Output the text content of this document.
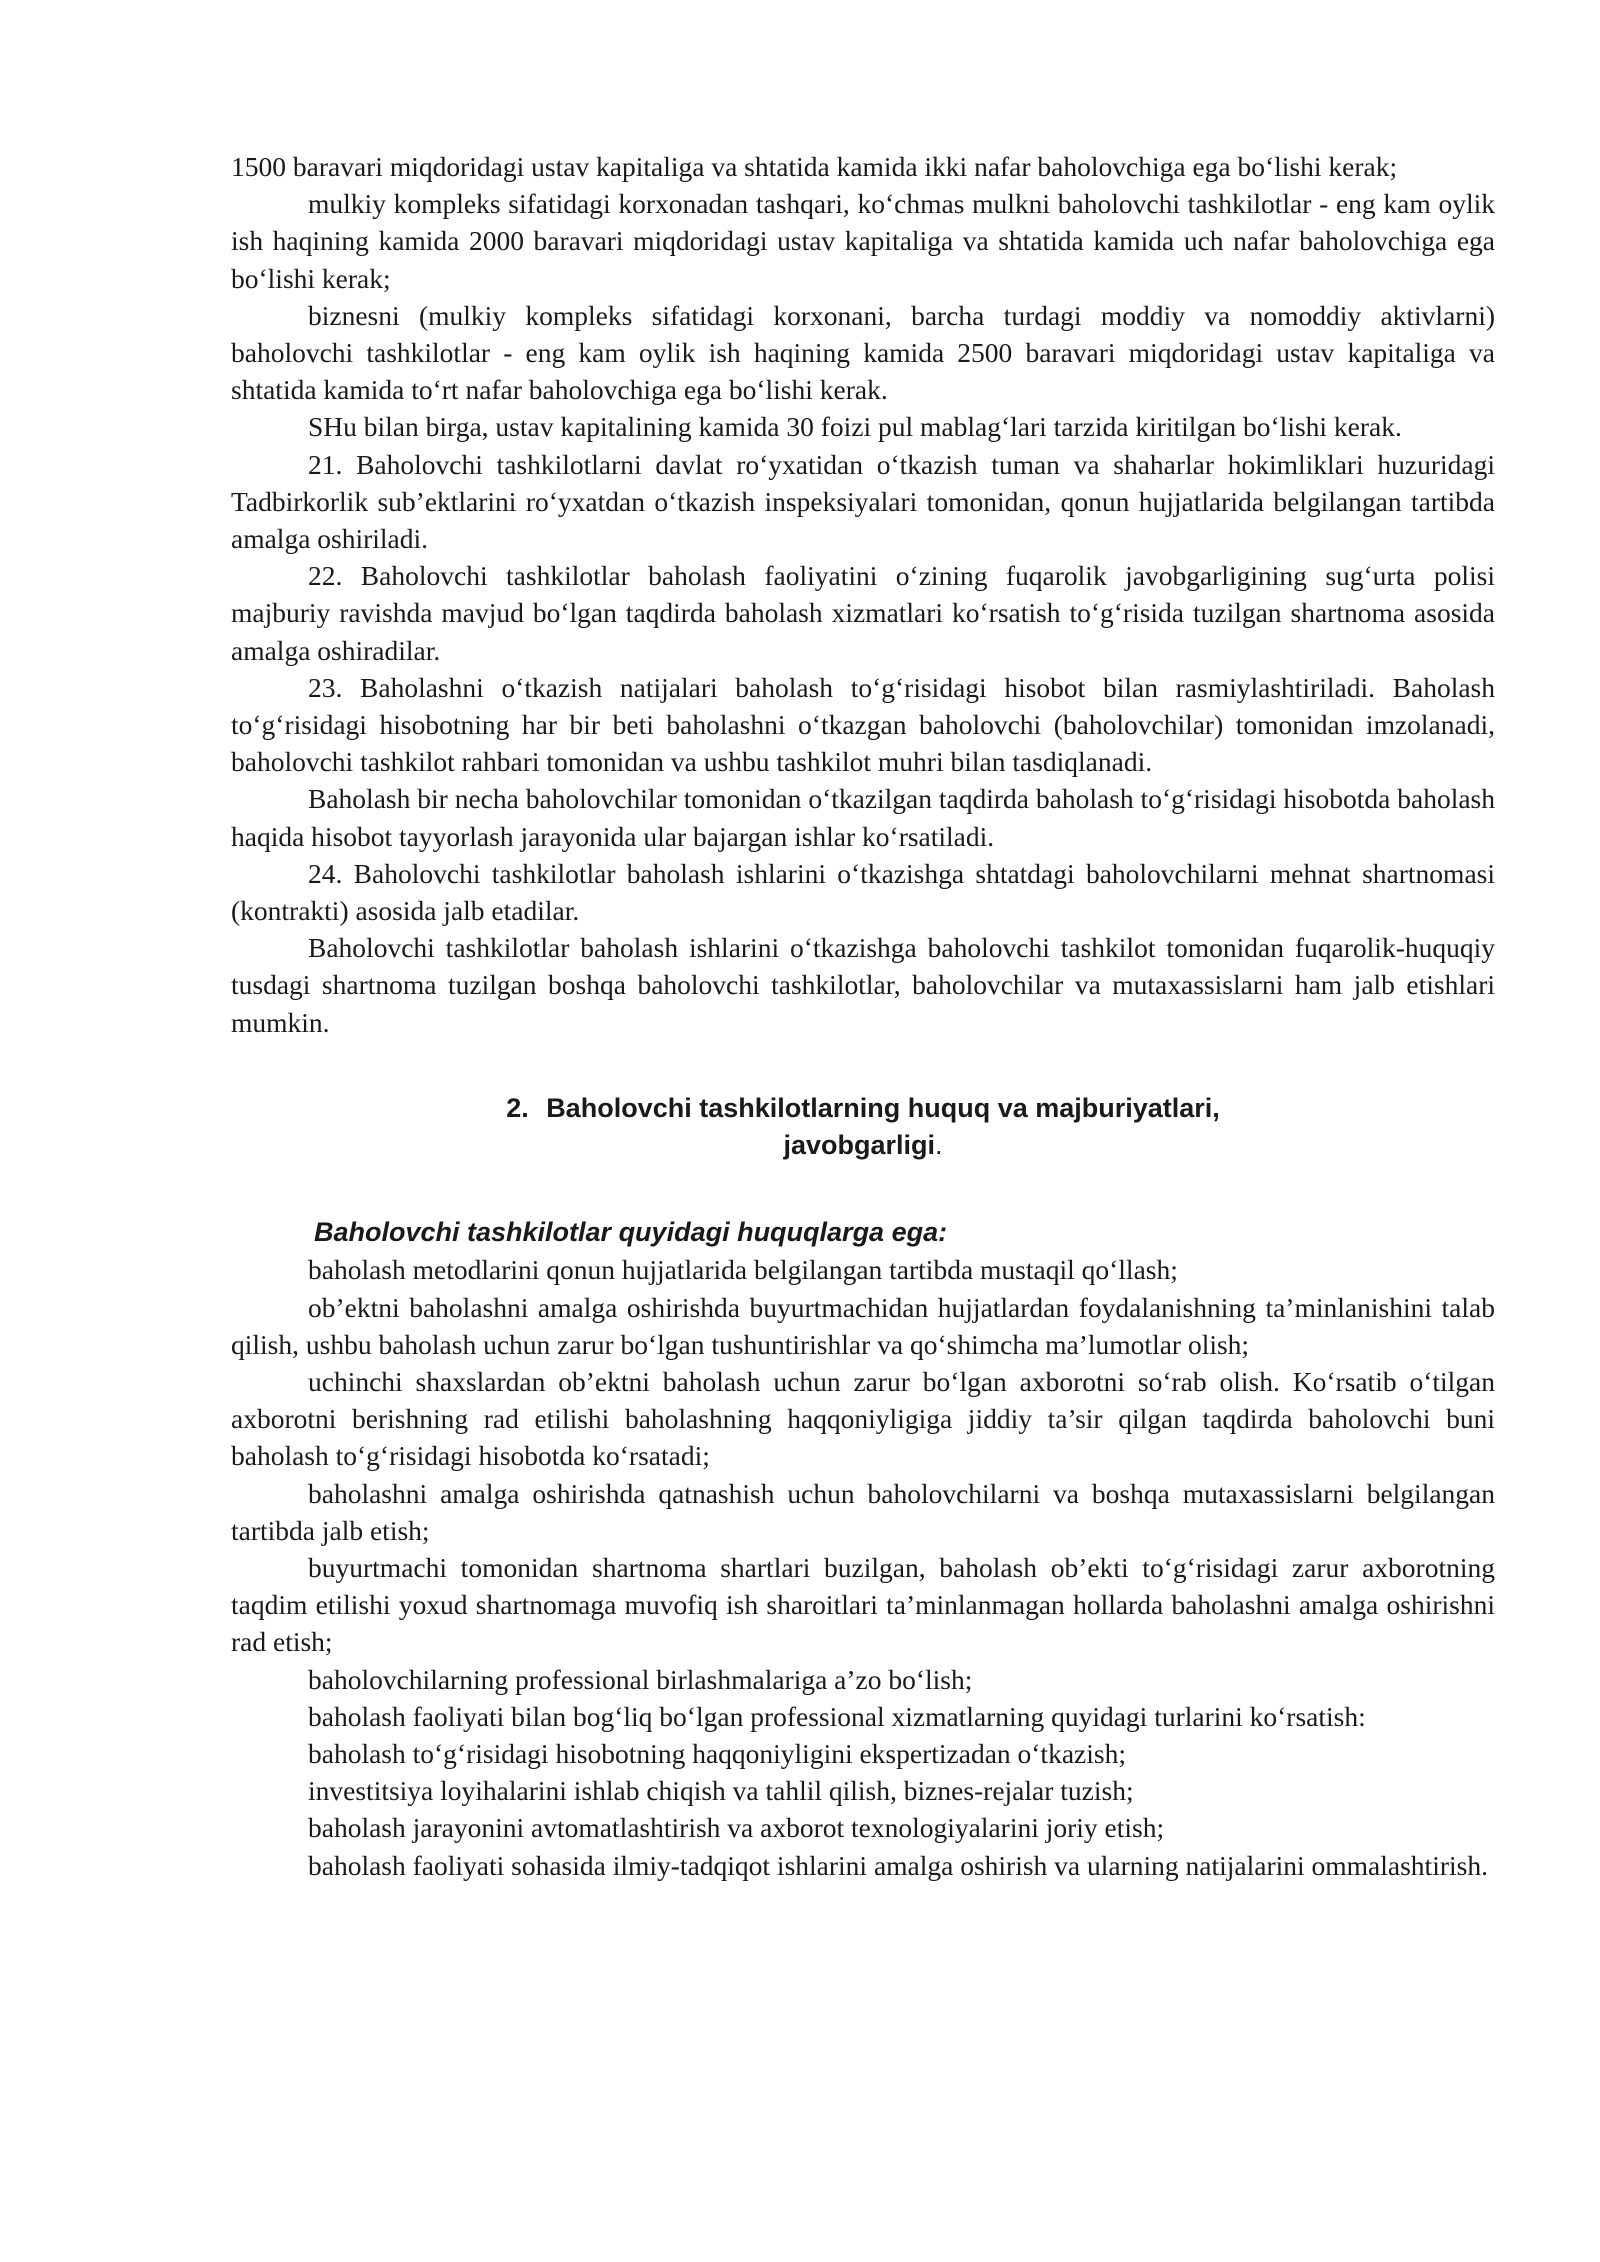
1500 baravari miqdoridagi ustav kapitaliga va shtatida kamida ikki nafar baholovchiga ega bo‘lishi kerak;

mulkiy kompleks sifatidagi korxonadan tashqari, ko‘chmas mulkni baholovchi tashkilotlar - eng kam oylik ish haqining kamida 2000 baravari miqdoridagi ustav kapitaliga va shtatida kamida uch nafar baholovchiga ega bo‘lishi kerak;

biznesni (mulkiy kompleks sifatidagi korxonani, barcha turdagi moddiy va nomoddiy aktivlarni) baholovchi tashkilotlar - eng kam oylik ish haqining kamida 2500 baravari miqdoridagi ustav kapitaliga va shtatida kamida to‘rt nafar baholovchiga ega bo‘lishi kerak.

SHu bilan birga, ustav kapitalining kamida 30 foizi pul mablag‘lari tarzida kiritilgan bo‘lishi kerak.

21. Baholovchi tashkilotlarni davlat ro‘yxatidan o‘tkazish tuman va shaharlar hokimliklari huzuridagi Tadbirkorlik sub’ektlarini ro‘yxatdan o‘tkazish inspeksiyalari tomonidan, qonun hujjatlarida belgilangan tartibda amalga oshiriladi.

22. Baholovchi tashkilotlar baholash faoliyatini o‘zining fuqarolik javobgarligining sug‘urta polisi majburiy ravishda mavjud bo‘lgan taqdirda baholash xizmatlari ko‘rsatish to‘g‘risida tuzilgan shartnoma asosida amalga oshiradilar.

23. Baholashni o‘tkazish natijalari baholash to‘g‘risidagi hisobot bilan rasmiylashtiriladi. Baholash to‘g‘risidagi hisobotning har bir beti baholashni o‘tkazgan baholovchi (baholovchilar) tomonidan imzolanadi, baholovchi tashkilot rahbari tomonidan va ushbu tashkilot muhri bilan tasdiqlanadi.

Baholash bir necha baholovchilar tomonidan o‘tkazilgan taqdirda baholash to‘g‘risidagi hisobotda baholash haqida hisobot tayyorlash jarayonida ular bajargan ishlar ko‘rsatiladi.

24. Baholovchi tashkilotlar baholash ishlarini o‘tkazishga shtatdagi baholovchilarni mehnat shartnomasi (kontrakti) asosida jalb etadilar.

Baholovchi tashkilotlar baholash ishlarini o‘tkazishga baholovchi tashkilot tomonidan fuqarolik-huquqiy tusdagi shartnoma tuzilgan boshqa baholovchi tashkilotlar, baholovchilar va mutaxassislarni ham jalb etishlari mumkin.

2. Baholovchi tashkilotlarning huquq va majburiyatlari,
javobgarligi.
Baholovchi tashkilotlar quyidagi huquqlarga ega:

baholash metodlarini qonun hujjatlarida belgilangan tartibda mustaqil qo‘llash;

ob’ektni baholashni amalga oshirishda buyurtmachidan hujjatlardan foydalanishning ta’minlanishini talab qilish, ushbu baholash uchun zarur bo‘lgan tushuntirishlar va qo‘shimcha ma’lumotlar olish;

uchinchi shaxslardan ob’ektni baholash uchun zarur bo‘lgan axborotni so‘rab olish. Ko‘rsatib o‘tilgan axborotni berishning rad etilishi baholashning haqqoniyligiga jiddiy ta’sir qilgan taqdirda baholovchi buni baholash to‘g‘risidagi hisobotda ko‘rsatadi;

baholashni amalga oshirishda qatnashish uchun baholovchilarni va boshqa mutaxassislarni belgilangan tartibda jalb etish;

buyurtmachi tomonidan shartnoma shartlari buzilgan, baholash ob’ekti to‘g‘risidagi zarur axborotning taqdim etilishi yoxud shartnomaga muvofiq ish sharoitlari ta’minlanmagan hollarda baholashni amalga oshirishni rad etish;

baholovchilarning professional birlashmalariga a’zo bo‘lish;

baholash faoliyati bilan bog‘liq bo‘lgan professional xizmatlarning quyidagi turlarini ko‘rsatish:

baholash to‘g‘risidagi hisobotning haqqoniyligini ekspertizadan o‘tkazish;

investitsiya loyihalarini ishlab chiqish va tahlil qilish, biznes-rejalar tuzish;

baholash jarayonini avtomatlashtirish va axborot texnologiyalarini joriy etish;

baholash faoliyati sohasida ilmiy-tadqiqot ishlarini amalga oshirish va ularning natijalarini ommalashtirish.
